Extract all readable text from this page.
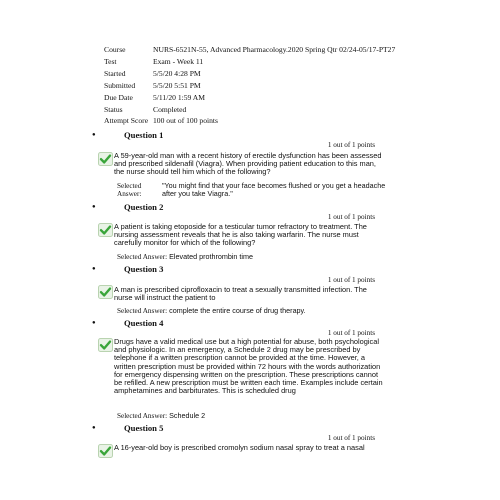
Course	NURS-6521N-55, Advanced Pharmacology.2020 Spring Qtr 02/24-05/17-PT27
Test	Exam - Week 11
Started	5/5/20 4:28 PM
Submitted	5/5/20 5:51 PM
Due Date	5/11/20 1:59 AM
Status	Completed
Attempt Score 100 out of 100 points
●	Question 1
1 out of 1 points
A 59-year-old man with a recent history of erectile dysfunction has been assessed and prescribed sildenafil (Viagra). When providing patient education to this man, the nurse should tell him which of the following?
Selected Answer:
"You might find that your face becomes flushed or you get a headache after you take Viagra."
●	Question 2
1 out of 1 points
A patient is taking etoposide for a testicular tumor refractory to treatment. The nursing assessment reveals that he is also taking warfarin. The nurse must carefully monitor for which of the following?
Selected Answer: Elevated prothrombin time
●	Question 3
1 out of 1 points
A man is prescribed ciprofloxacin to treat a sexually transmitted infection. The nurse will instruct the patient to
Selected Answer: complete the entire course of drug therapy.
●	Question 4
1 out of 1 points
Drugs have a valid medical use but a high potential for abuse, both psychological and physiologic. In an emergency, a Schedule 2 drug may be prescribed by telephone if a written prescription cannot be provided at the time. However, a written prescription must be provided within 72 hours with the words authorization for emergency dispensing written on the prescription. These prescriptions cannot be refilled. A new prescription must be written each time. Examples include certain amphetamines and barbiturates. This is scheduled drug
Selected Answer: Schedule 2
●	Question 5
1 out of 1 points
A 16-year-old boy is prescribed cromolyn sodium nasal spray to treat a nasal
